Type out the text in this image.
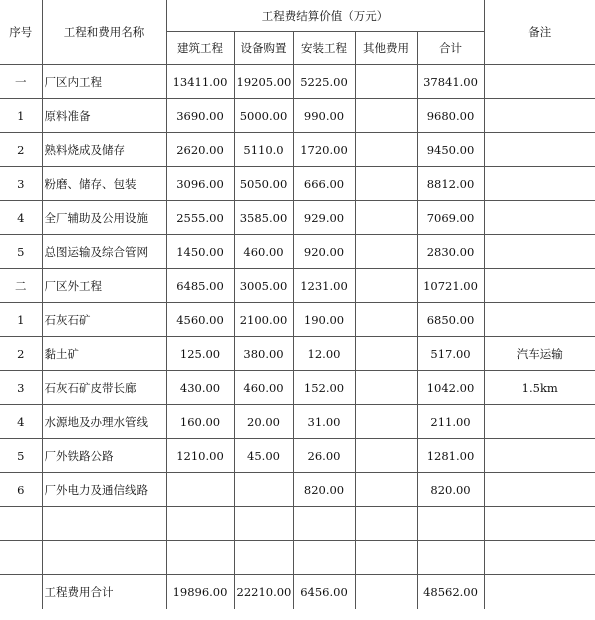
序号	工程和费用名称	工程费结算价值（万元）					备注
		建筑工程	设备购置	安装工程	其他费用	合计	
一	厂区内工程	13411.00	19205.00	5225.00		37841.00	
1	原料准备	3690.00	5000.00	990.00		9680.00	
2	熟料烧成及储存	2620.00	5110.0	1720.00		9450.00	
3	粉磨、储存、包装	3096.00	5050.00	666.00		8812.00	
4	全厂辅助及公用设施	2555.00	3585.00	929.00		7069.00	
5	总图运输及综合管网	1450.00	460.00	920.00		2830.00	
二	厂区外工程	6485.00	3005.00	1231.00		10721.00	
1	石灰石矿	4560.00	2100.00	190.00		6850.00	
2	黏土矿	125.00	380.00	12.00		517.00	汽车运输
3	石灰石矿皮带长廊	430.00	460.00	152.00		1042.00	1.5km
4	水源地及办理水管线	160.00	20.00	31.00		211.00	
5	厂外铁路公路	1210.00	45.00	26.00		1281.00	
6	厂外电力及通信线路			820.00		820.00	

	工程费用合计	19896.00	22210.00	6456.00		48562.00	
